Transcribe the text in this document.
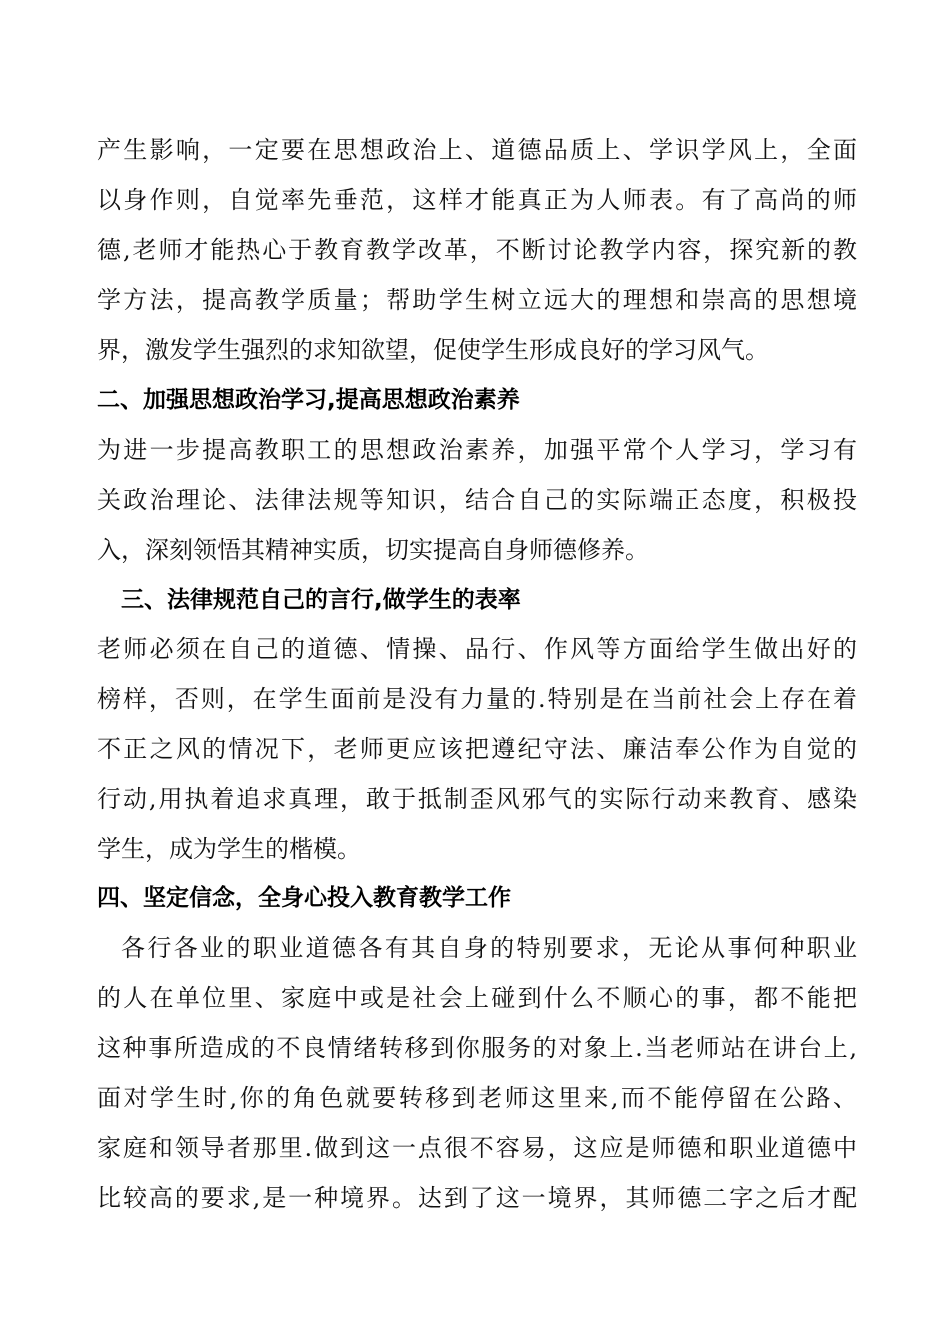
产生影响，一定要在思想政治上、道德品质上、学识学风上，全面
以身作则，自觉率先垂范，这样才能真正为人师表。有了高尚的师
德,老师才能热心于教育教学改革，不断讨论教学内容，探究新的教
学方法，提高教学质量；帮助学生树立远大的理想和崇高的思想境
界，激发学生强烈的求知欲望，促使学生形成良好的学习风气。
二、加强思想政治学习,提高思想政治素养
为进一步提高教职工的思想政治素养，加强平常个人学习，学习有
关政治理论、法律法规等知识，结合自己的实际端正态度，积极投
入，深刻领悟其精神实质，切实提高自身师德修养。
三、法律规范自己的言行,做学生的表率
老师必须在自己的道德、情操、品行、作风等方面给学生做出好的
榜样，否则，在学生面前是没有力量的.特别是在当前社会上存在着
不正之风的情况下，老师更应该把遵纪守法、廉洁奉公作为自觉的
行动,用执着追求真理，敢于抵制歪风邪气的实际行动来教育、感染
学生，成为学生的楷模。
四、坚定信念，全身心投入教育教学工作
各行各业的职业道德各有其自身的特别要求，无论从事何种职业
的人在单位里、家庭中或是社会上碰到什么不顺心的事，都不能把
这种事所造成的不良情绪转移到你服务的对象上.当老师站在讲台上,
面对学生时,你的角色就要转移到老师这里来,而不能停留在公路、
家庭和领导者那里.做到这一点很不容易，这应是师德和职业道德中
比较高的要求,是一种境界。达到了这一境界，其师德二字之后才配
